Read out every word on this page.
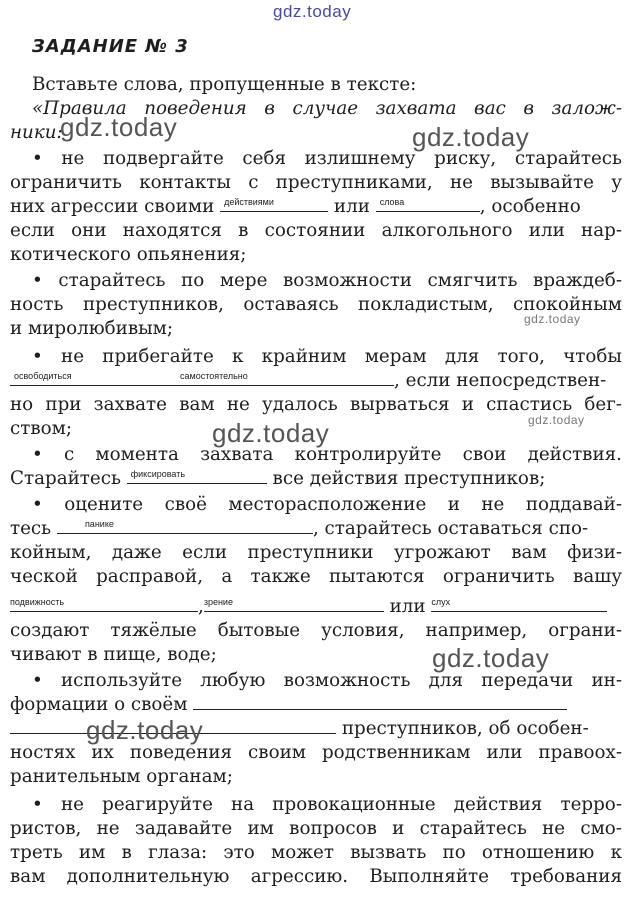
gdz.today
ЗАДАНИЕ № 3
Вставьте слова, пропущенные в тексте:
«Правила поведения в случае захвата вас в залож-
ники:
gdz.today	gdz.today
• не подвергайте себя излишнему риску, старайтесь
ограничить контакты с преступниками, не вызывайте у
них агрессии своими действиями	или слова	, особенно
если они находятся в состоянии алкогольного или нар-
котического опьянения;
• старайтесь по мере возможности смягчить враждеб-
ность преступников, оставаясь покладистым, спокойным
и миролюбивым;	gdz.today
• не прибегайте к крайним мерам для того, чтобы
освободиться	самостоятельно	, если непосредствен-
но при захвате вам не удалось вырваться и спастись бег-
ством;	gdz.today
gdz.today
• с момента захвата контролируйте свои действия.
Старайтесь фиксировать	все действия преступников;
• оцените своё месторасположение и не поддавай-
тесь	панике	, старайтесь оставаться спо-
койным, даже если преступники угрожают вам физи-
ческой расправой, а также пытаются ограничить вашу
подвижность	, зрение	или слух
создают тяжёлые бытовые условия, например, ограни-
чивают в пище, воде;	gdz.today
• используйте любую возможность для передачи ин-
формации о своём
преступников, об особен-
gdz.today
ностях их поведения своим родственникам или правоох-
ранительным органам;
• не реагируйте на провокационные действия терро-
ристов, не задавайте им вопросов и старайтесь не смо-
треть им в глаза: это может вызвать по отношению к
вам дополнительную агрессию. Выполняйте требования
